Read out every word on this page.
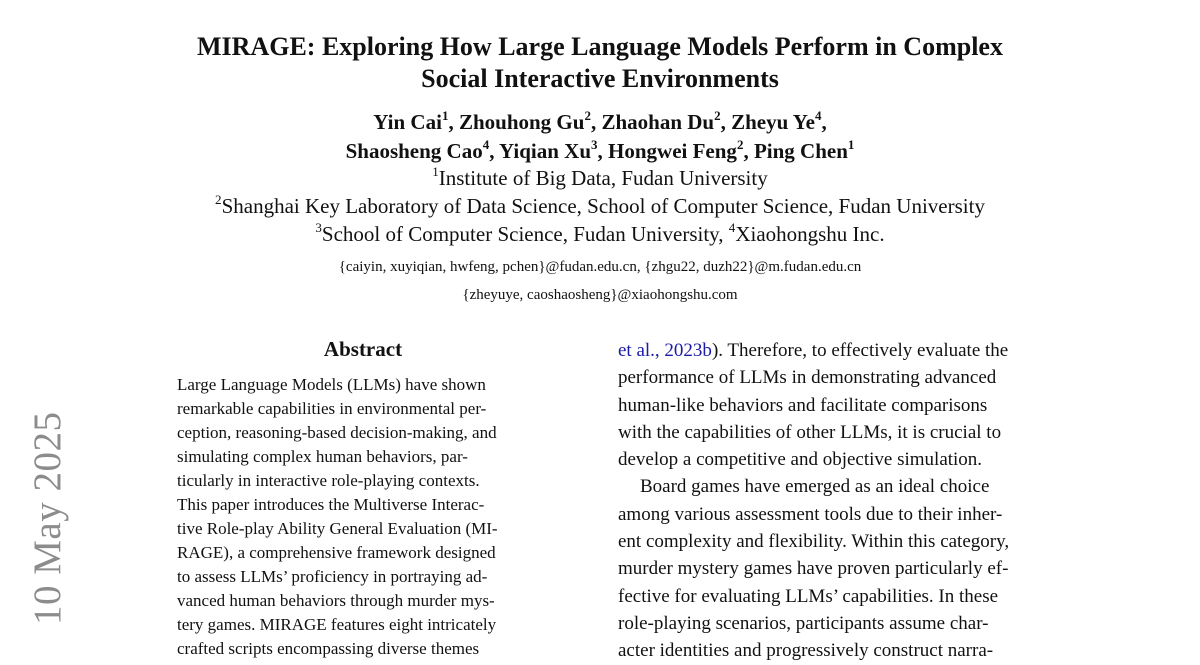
10 May 2025
MIRAGE: Exploring How Large Language Models Perform in Complex
Social Interactive Environments
Yin Cai$^1$, Zhouhong Gu$^2$, Zhaohan Du$^2$, Zheyu Ye$^4$,
Shaosheng Cao$^4$, Yiqian Xu$^3$, Hongwei Feng$^2$, Ping Chen$^1$
$^1$Institute of Big Data, Fudan University
$^2$Shanghai Key Laboratory of Data Science, School of Computer Science, Fudan University
$^3$School of Computer Science, Fudan University, $^4$Xiaohongshu Inc.
{caiyin, xuyiqian, hwfeng, pchen}@fudan.edu.cn, {zhgu22, duzh22}@m.fudan.edu.cn
{zheyuye, caoshaosheng}@xiaohongshu.com
Abstract
Large Language Models (LLMs) have shown
remarkable capabilities in environmental per-
ception, reasoning-based decision-making, and
simulating complex human behaviors, par-
ticularly in interactive role-playing contexts.
This paper introduces the Multiverse Interac-
tive Role-play Ability General Evaluation (MI-
RAGE), a comprehensive framework designed
to assess LLMs’ proficiency in portraying ad-
vanced human behaviors through murder mys-
tery games. MIRAGE features eight intricately
crafted scripts encompassing diverse themes

et al., 2023b). Therefore, to effectively evaluate the
performance of LLMs in demonstrating advanced
human-like behaviors and facilitate comparisons
with the capabilities of other LLMs, it is crucial to
develop a competitive and objective simulation.

Board games have emerged as an ideal choice
among various assessment tools due to their inher-
ent complexity and flexibility. Within this category,
murder mystery games have proven particularly ef-
fective for evaluating LLMs’ capabilities. In these
role-playing scenarios, participants assume char-
acter identities and progressively construct narra-
